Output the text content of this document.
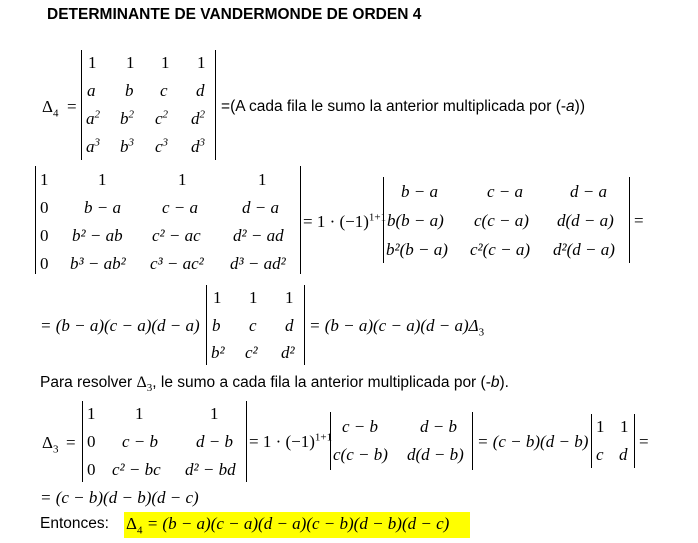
DETERMINANTE DE VANDERMONDE DE ORDEN 4
$\Delta_4$ =
1 1 1 1
a b c d
$a^2$ $b^2$ $c^2$ $d^2$
$a^3$ $b^3$ $c^3$ $d^3$
=(A cada fila le sumo la anterior multiplicada por (-a))
1
0
0
0
1
b − a
b² − ab
b³ − ab²
1
c − a
c² − ac
c³ − ac²
1
d − a
d² − ad
d³ − ad²
= $1 \cdot (-1)^{1+1}$
b − a	c − a	d − a
b(b − a) c(c − a) d(d − a)
b²(b − a) c²(c − a) d²(d − a)
=
= (b − a)(c − a)(d − a)
1 1 1
b c d
b² c² d²
= $(b - a)(c - a)(d - a)\Delta_3$
Para resolver $\Delta_3$, le sumo a cada fila la anterior multiplicada por (-b).
$\Delta_3$ =
1
0
0
1
c − b
c² − bc
1
d − b
d² − bd
= $1 \cdot (-1)^{1+1}$
c − b d − b
c(c − b) d(d − b)
= (c − b)(d − b)
1 1
c d
=
= (c − b)(d − b)(d − c)
Entonces: $\Delta_4 = (b - a)(c - a)(d - a)(c - b)(d - b)(d - c)$
